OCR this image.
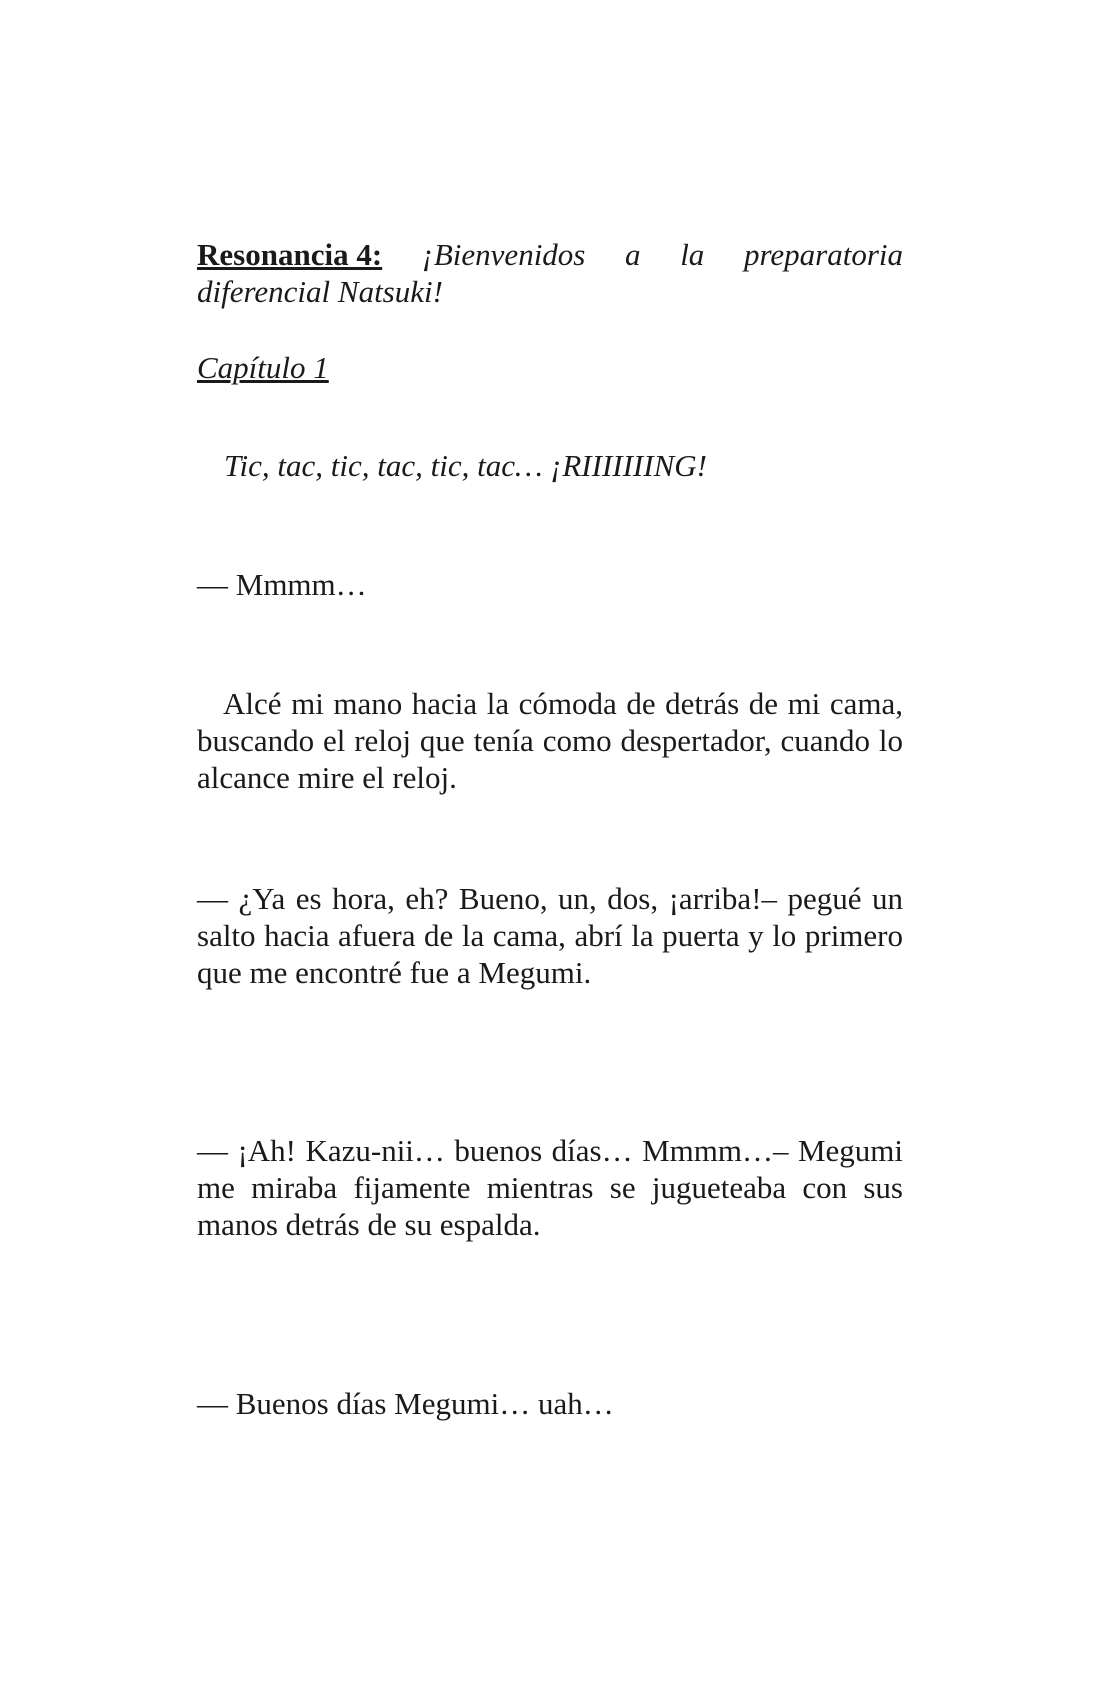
Resonancia 4: ¡Bienvenidos a la preparatoria
diferencial Natsuki!
Capítulo 1

Tic, tac, tic, tac, tic, tac… ¡RIIIIIIING!

— Mmmm…

Alcé mi mano hacia la cómoda de detrás de mi cama, buscando el reloj que tenía como despertador, cuando lo alcance mire el reloj.

— ¿Ya es hora, eh? Bueno, un, dos, ¡arriba!– pegué un salto hacia afuera de la cama, abrí la puerta y lo primero que me encontré fue a Megumi.

— ¡Ah! Kazu-nii… buenos días… Mmmm…– Megumi me miraba fijamente mientras se jugueteaba con sus manos detrás de su espalda.

— Buenos días Megumi… uah…
